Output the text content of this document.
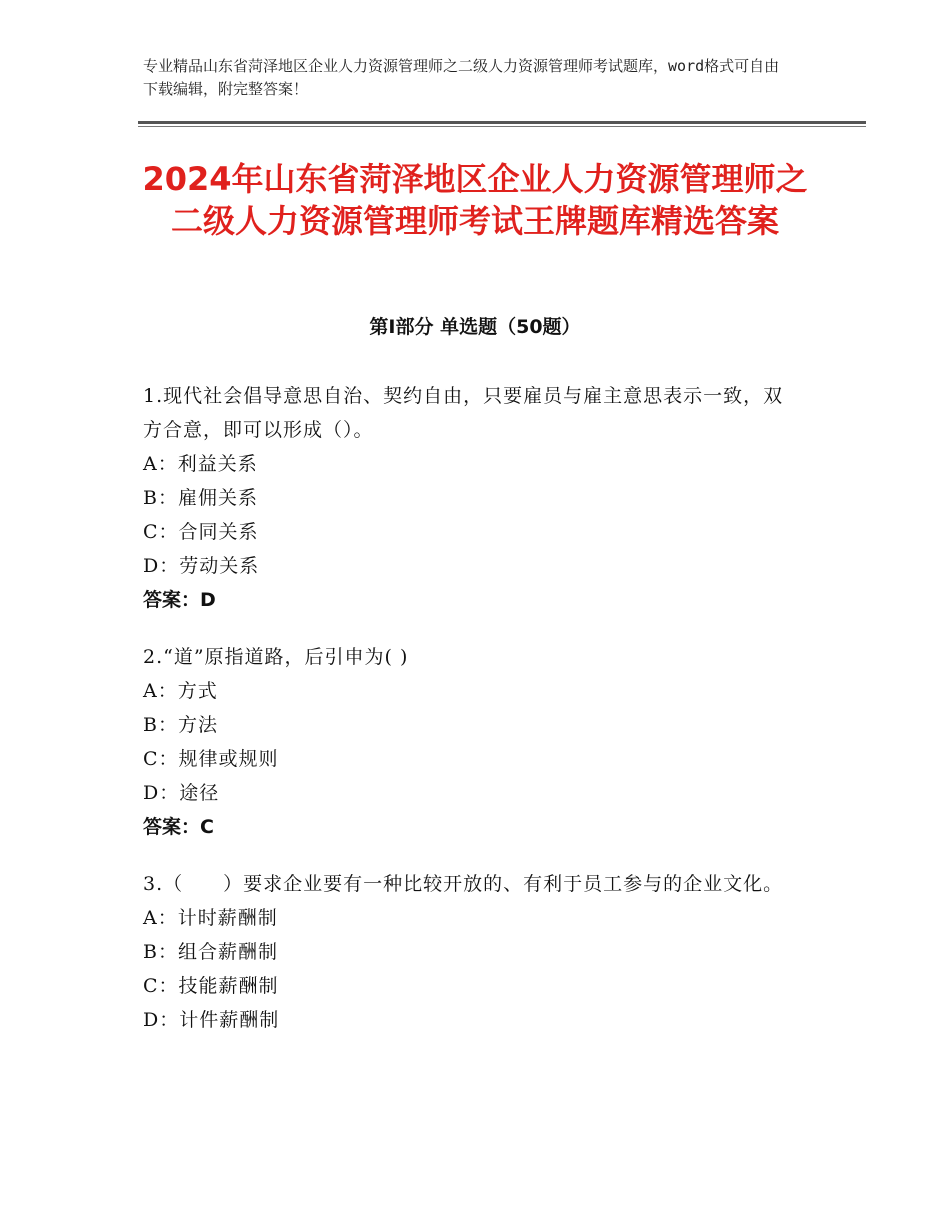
专业精品山东省菏泽地区企业人力资源管理师之二级人力资源管理师考试题库，word格式可自由下载编辑，附完整答案！
2024年山东省菏泽地区企业人力资源管理师之二级人力资源管理师考试王牌题库精选答案
第Ⅰ部分 单选题（50题）

1.现代社会倡导意思自治、契约自由，只要雇员与雇主意思表示一致，双方合意，即可以形成（）。

A：利益关系

B：雇佣关系

C：合同关系

D：劳动关系

答案：D

2.“道”原指道路，后引申为( )

A：方式

B：方法

C：规律或规则

D：途径

答案：C

3.（　　）要求企业要有一种比较开放的、有利于员工参与的企业文化。

A：计时薪酬制

B：组合薪酬制

C：技能薪酬制

D：计件薪酬制
